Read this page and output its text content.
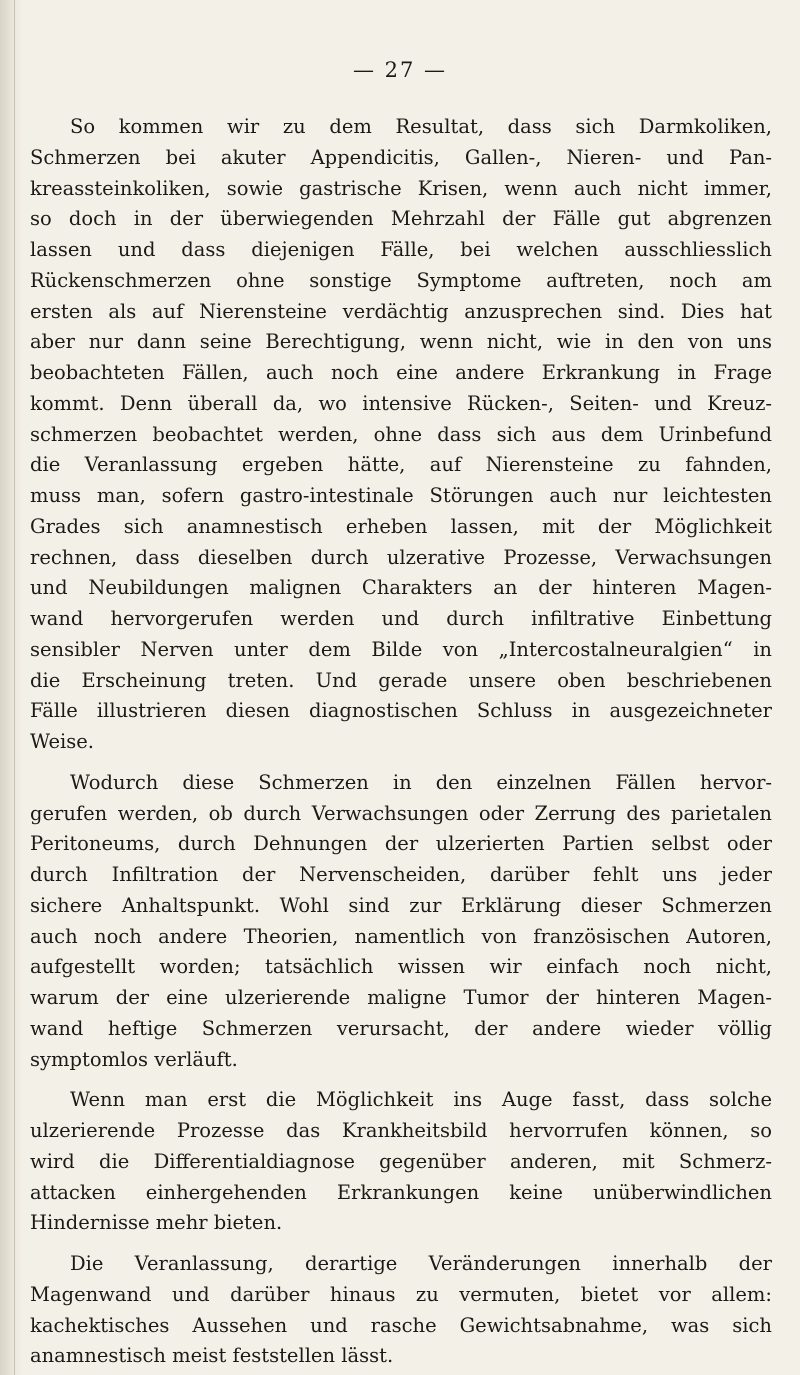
— 27 —
So kommen wir zu dem Resultat, dass sich Darmkoliken,
Schmerzen bei akuter Appendicitis, Gallen-, Nieren- und Pan-
kreassteinkoliken, sowie gastrische Krisen, wenn auch nicht immer,
so doch in der überwiegenden Mehrzahl der Fälle gut abgrenzen
lassen und dass diejenigen Fälle, bei welchen ausschliesslich
Rückenschmerzen ohne sonstige Symptome auftreten, noch am
ersten als auf Nierensteine verdächtig anzusprechen sind. Dies hat
aber nur dann seine Berechtigung, wenn nicht, wie in den von uns
beobachteten Fällen, auch noch eine andere Erkrankung in Frage
kommt. Denn überall da, wo intensive Rücken-, Seiten- und Kreuz-
schmerzen beobachtet werden, ohne dass sich aus dem Urinbefund
die Veranlassung ergeben hätte, auf Nierensteine zu fahnden,
muss man, sofern gastro-intestinale Störungen auch nur leichtesten
Grades sich anamnestisch erheben lassen, mit der Möglichkeit
rechnen, dass dieselben durch ulzerative Prozesse, Verwachsungen
und Neubildungen malignen Charakters an der hinteren Magen-
wand hervorgerufen werden und durch infiltrative Einbettung
sensibler Nerven unter dem Bilde von „Intercostalneuralgien“ in
die Erscheinung treten. Und gerade unsere oben beschriebenen
Fälle illustrieren diesen diagnostischen Schluss in ausgezeichneter
Weise.
Wodurch diese Schmerzen in den einzelnen Fällen hervor-
gerufen werden, ob durch Verwachsungen oder Zerrung des parietalen
Peritoneums, durch Dehnungen der ulzerierten Partien selbst oder
durch Infiltration der Nervenscheiden, darüber fehlt uns jeder
sichere Anhaltspunkt. Wohl sind zur Erklärung dieser Schmerzen
auch noch andere Theorien, namentlich von französischen Autoren,
aufgestellt worden; tatsächlich wissen wir einfach noch nicht,
warum der eine ulzerierende maligne Tumor der hinteren Magen-
wand heftige Schmerzen verursacht, der andere wieder völlig
symptomlos verläuft.
Wenn man erst die Möglichkeit ins Auge fasst, dass solche
ulzerierende Prozesse das Krankheitsbild hervorrufen können, so
wird die Differentialdiagnose gegenüber anderen, mit Schmerz-
attacken einhergehenden Erkrankungen keine unüberwindlichen
Hindernisse mehr bieten.
Die Veranlassung, derartige Veränderungen innerhalb der
Magenwand und darüber hinaus zu vermuten, bietet vor allem:
kachektisches Aussehen und rasche Gewichtsabnahme, was sich
anamnestisch meist feststellen lässt.
